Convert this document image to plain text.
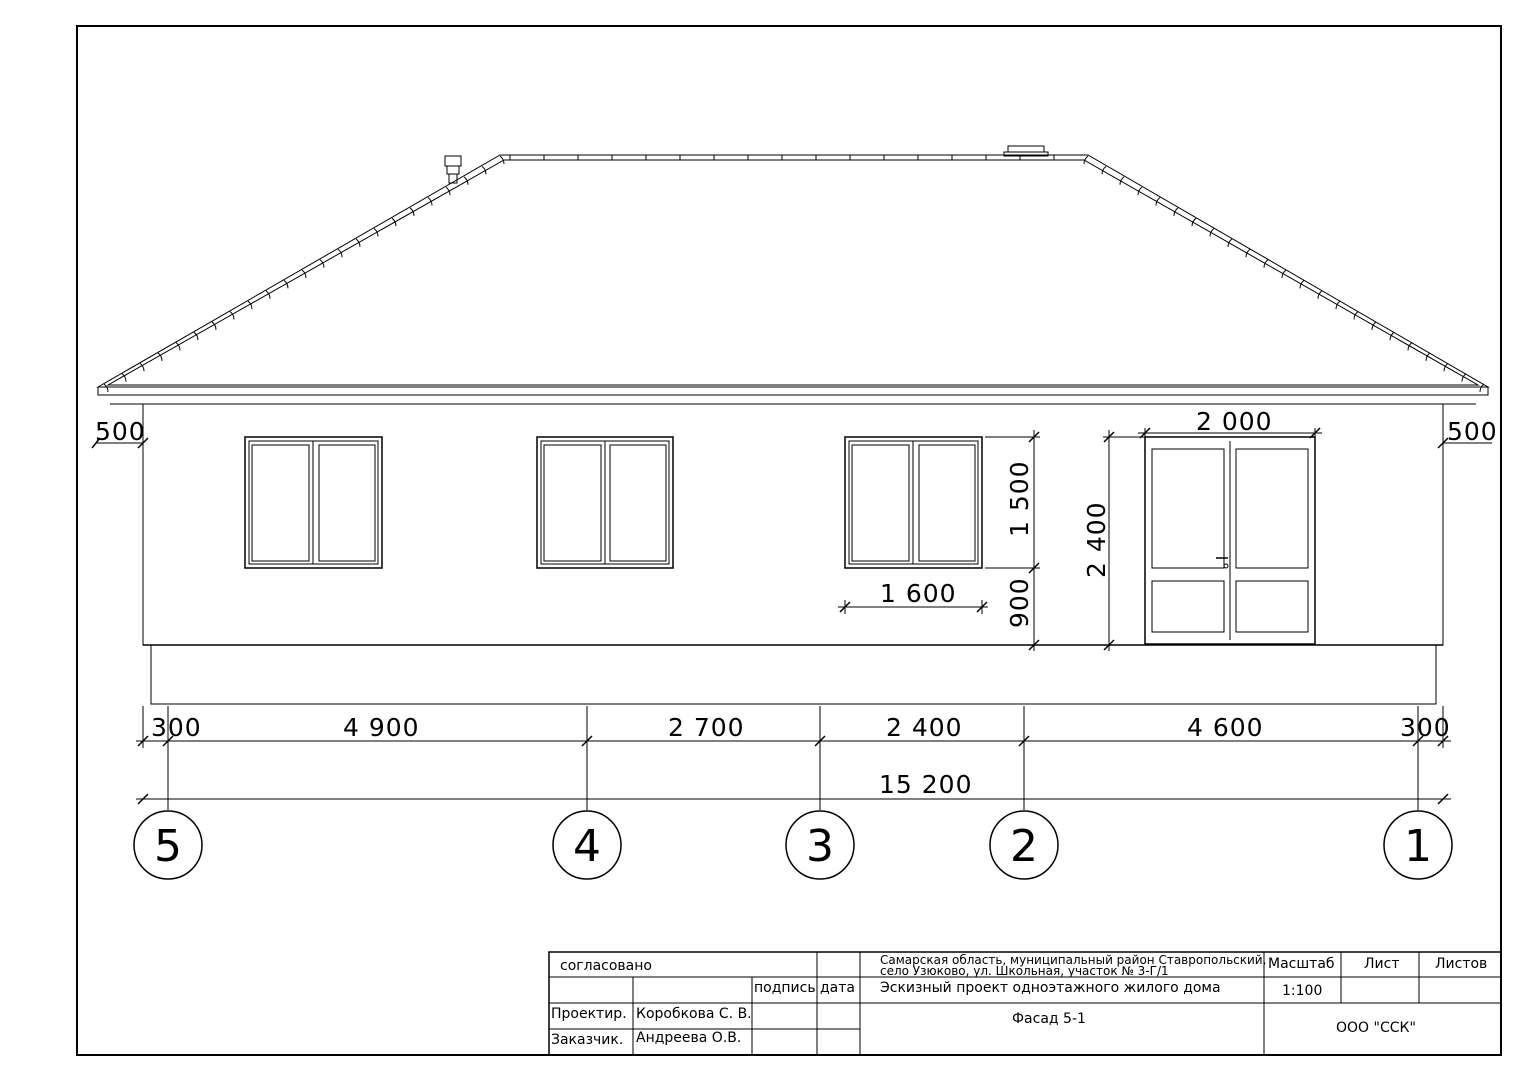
500	500
2 000
1 500
900
2 400
1 600
300	4 900	2 700	2 400	4 600	300
15 200
5	4	3	2	1
согласовано
подпись дата
Проектир. Коробкова С. В.
Заказчик. Андреева О.В.
Самарская область, муниципальный район Ставропольский,
село Узюково, ул. Школьная, участок № 3-Г/1
Эскизный проект одноэтажного жилого дома
Фасад 5-1
Масштаб
1:100
Лист	Листов
ООО "ССК"
